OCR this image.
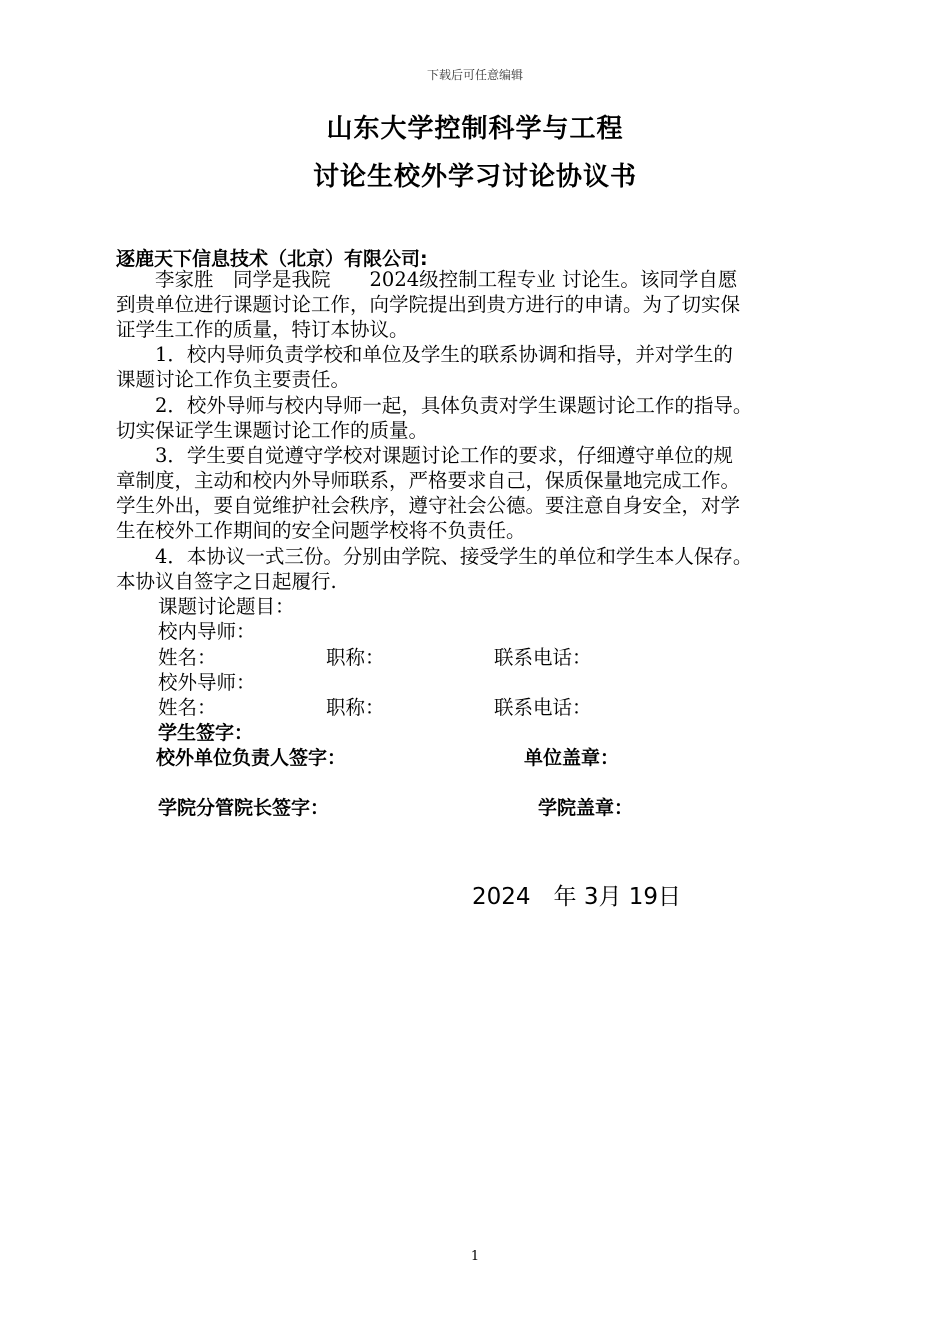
下载后可任意编辑
山东大学控制科学与工程
讨论生校外学习讨论协议书
逐鹿天下信息技术（北京）有限公司:
　　李家胜　同学是我院　　2024级控制工程专业 讨论生。该同学自愿
到贵单位进行课题讨论工作，向学院提出到贵方进行的申请。为了切实保
证学生工作的质量，特订本协议。
　　1．校内导师负责学校和单位及学生的联系协调和指导，并对学生的
课题讨论工作负主要责任。
　　2．校外导师与校内导师一起，具体负责对学生课题讨论工作的指导。
切实保证学生课题讨论工作的质量。
　　3．学生要自觉遵守学校对课题讨论工作的要求，仔细遵守单位的规
章制度，主动和校内外导师联系，严格要求自己，保质保量地完成工作。
学生外出，要自觉维护社会秩序，遵守社会公德。要注意自身安全，对学
生在校外工作期间的安全问题学校将不负责任。
　　4．本协议一式三份。分别由学院、接受学生的单位和学生本人保存。
本协议自签字之日起履行.
课题讨论题目：
校内导师：
姓名：	职称：	联系电话：
校外导师：
姓名：	职称：	联系电话：
学生签字：
校外单位负责人签字：	单位盖章：
学院分管院长签字：	学院盖章：
2024　年 3月 19日
1
